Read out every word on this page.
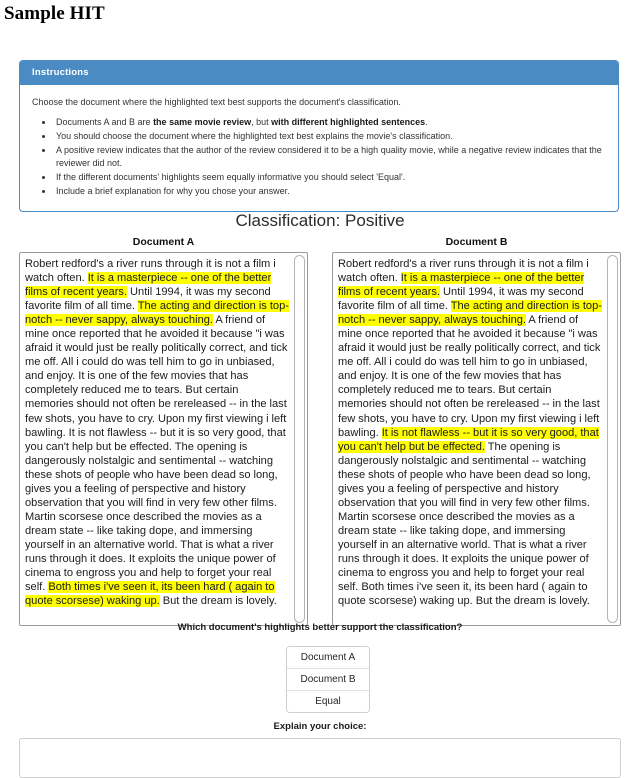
Sample HIT
Instructions

Choose the document where the highlighted text best supports the document's classification.

• Documents A and B are the same movie review, but with different highlighted sentences.
• You should choose the document where the highlighted text best explains the movie's classification.
• A positive review indicates that the author of the review considered it to be a high quality movie, while a negative review indicates that the reviewer did not.
• If the different documents' highlights seem equally informative you should select 'Equal'.
• Include a brief explanation for why you chose your answer.
Classification: Positive
Document A
Robert redford's a river runs through it is not a film i watch often. It is a masterpiece -- one of the better films of recent years. Until 1994, it was my second favorite film of all time. The acting and direction is top-notch -- never sappy, always touching. A friend of mine once reported that he avoided it because "i was afraid it would just be really politically correct, and tick me off. All i could do was tell him to go in unbiased, and enjoy. It is one of the few movies that has completely reduced me to tears. But certain memories should not often be rereleased -- in the last few shots, you have to cry. Upon my first viewing i left bawling. It is not flawless -- but it is so very good, that you can't help but be effected. The opening is dangerously nolstalgic and sentimental -- watching these shots of people who have been dead so long, gives you a feeling of perspective and history observation that you will find in very few other films. Martin scorsese once described the movies as a dream state -- like taking dope, and immersing yourself in an alternative world. That is what a river runs through it does. It exploits the unique power of cinema to engross you and help to forget your real self. Both times i've seen it, its been hard ( again to quote scorsese) waking up. But the dream is lovely.
Document B
Robert redford's a river runs through it is not a film i watch often. It is a masterpiece -- one of the better films of recent years. Until 1994, it was my second favorite film of all time. The acting and direction is top-notch -- never sappy, always touching. A friend of mine once reported that he avoided it because "i was afraid it would just be really politically correct, and tick me off. All i could do was tell him to go in unbiased, and enjoy. It is one of the few movies that has completely reduced me to tears. But certain memories should not often be rereleased -- in the last few shots, you have to cry. Upon my first viewing i left bawling. It is not flawless -- but it is so very good, that you can't help but be effected. The opening is dangerously nolstalgic and sentimental -- watching these shots of people who have been dead so long, gives you a feeling of perspective and history observation that you will find in very few other films. Martin scorsese once described the movies as a dream state -- like taking dope, and immersing yourself in an alternative world. That is what a river runs through it does. It exploits the unique power of cinema to engross you and help to forget your real self. Both times i've seen it, its been hard ( again to quote scorsese) waking up. But the dream is lovely.
Which document's highlights better support the classification?
Document A
Document B
Equal
Explain your choice:
